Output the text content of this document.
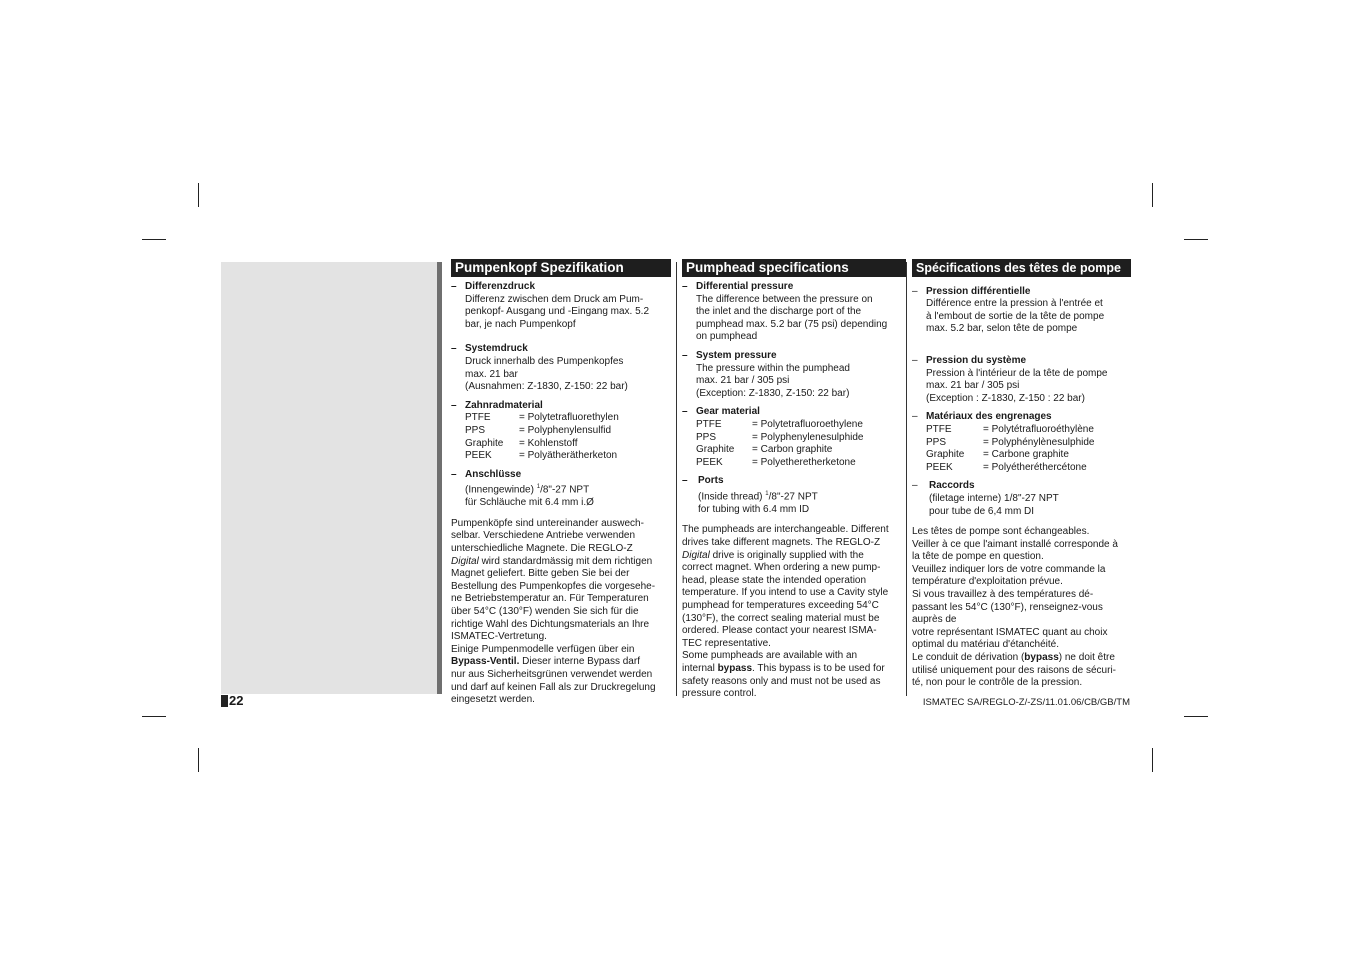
22
Pumpenkopf Spezifikation
– Differenzdruck
Differenz zwischen dem Druck am Pum-
penkopf- Ausgang und -Eingang max. 5.2
bar, je nach Pumpenkopf
– Systemdruck
Druck innerhalb des Pumpenkopfes
max. 21 bar
(Ausnahmen: Z-1830, Z-150: 22 bar)
– Zahnradmaterial
PTFE	= Polytetrafluorethylen
PPS	= Polyphenylensulfid
Graphite	= Kohlenstoff
PEEK	= Polyätherätherketon
– Anschlüsse
(Innengewinde) $^1$/8"-27 NPT
für Schläuche mit 6.4 mm i.Ø
Pumpenköpfe sind untereinander auswech-
selbar. Verschiedene Antriebe verwenden
unterschiedliche Magnete. Die REGLO-Z
Digital wird standardmässig mit dem richtigen
Magnet geliefert. Bitte geben Sie bei der
Bestellung des Pumpenkopfes die vorgesehe-
ne Betriebstemperatur an. Für Temperaturen
über 54°C (130°F) wenden Sie sich für die
richtige Wahl des Dichtungsmaterials an Ihre
ISMATEC-Vertretung.
Einige Pumpenmodelle verfügen über ein
Bypass-Ventil. Dieser interne Bypass darf
nur aus Sicherheitsgrünen verwendet werden
und darf auf keinen Fall als zur Druckregelung
eingesetzt werden.
Pumphead specifications
– Differential pressure
The difference between the pressure on
the inlet and the discharge port of the
pumphead max. 5.2 bar (75 psi) depending
on pumphead
– System pressure
The pressure within the pumphead
max. 21 bar / 305 psi
(Exception: Z-1830, Z-150: 22 bar)
– Gear material
PTFE	= Polytetrafluoroethylene
PPS	= Polyphenylenesulphide
Graphite	= Carbon graphite
PEEK	= Polyetheretherketone
–	Ports
(Inside thread) $^1$/8"-27 NPT
for tubing with 6.4 mm ID
The pumpheads are interchangeable. Different
drives take different magnets. The REGLO-Z
Digital drive is originally supplied with the
correct magnet. When ordering a new pump-
head, please state the intended operation
temperature. If you intend to use a Cavity style
pumphead for temperatures exceeding 54°C
(130°F), the correct sealing material must be
ordered. Please contact your nearest ISMA-
TEC representative.
Some pumpheads are available with an
internal bypass. This bypass is to be used for
safety reasons only and must not be used as
pressure control.
Spécifications des têtes de pompe
– Pression différentielle
Différence entre la pression à l'entrée et
à l'embout de sortie de la tête de pompe
max. 5.2 bar, selon tête de pompe
– Pression du système
Pression à l'intérieur de la tête de pompe
max. 21 bar / 305 psi
(Exception : Z-1830, Z-150 : 22 bar)
– Matériaux des engrenages
PTFE	= Polytétrafluoroéthylène
PPS	= Polyphénylènesulphide
Graphite	= Carbone graphite
PEEK	= Polyétheréthercétone
–	Raccords
(filetage interne) 1/8"-27 NPT
pour tube de 6,4 mm DI
Les têtes de pompe sont échangeables.
Veiller à ce que l'aimant installé corresponde à
la tête de pompe en question.
Veuillez indiquer lors de votre commande la
température d'exploitation prévue.
Si vous travaillez à des températures dé-
passant les 54°C (130°F), renseignez-vous
auprès de
votre représentant ISMATEC quant au choix
optimal du matériau d'étanchéité.
Le conduit de dérivation (bypass) ne doit être
utilisé uniquement pour des raisons de sécuri-
té, non pour le contrôle de la pression.
ISMATEC SA/REGLO-Z/-ZS/11.01.06/CB/GB/TM
